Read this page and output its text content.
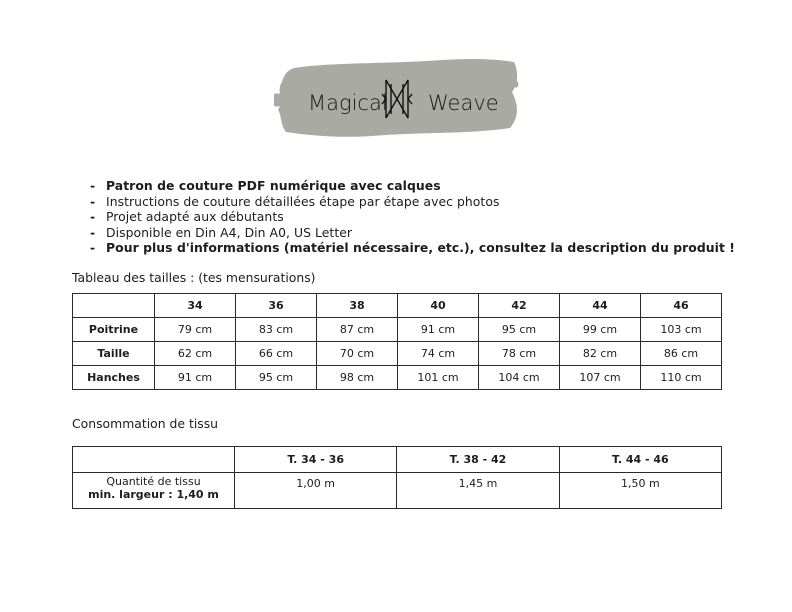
Magical Weave
- Patron de couture PDF numérique avec calques
- Instructions de couture détaillées étape par étape avec photos
- Projet adapté aux débutants
- Disponible en Din A4, Din A0, US Letter
- Pour plus d'informations (matériel nécessaire, etc.), consultez la description du produit !
Tableau des tailles : (tes mensurations)
	34	36	38	40	42	44	46
Poitrine	79 cm	83 cm	87 cm	91 cm	95 cm	99 cm	103 cm
Taille	62 cm	66 cm	70 cm	74 cm	78 cm	82 cm	86 cm
Hanches	91 cm	95 cm	98 cm	101 cm	104 cm	107 cm	110 cm
Consommation de tissu
	T. 34 - 36	T. 38 - 42	T. 44 - 46
Quantité de tissu
min. largeur : 1,40 m	1,00 m	1,45 m	1,50 m
